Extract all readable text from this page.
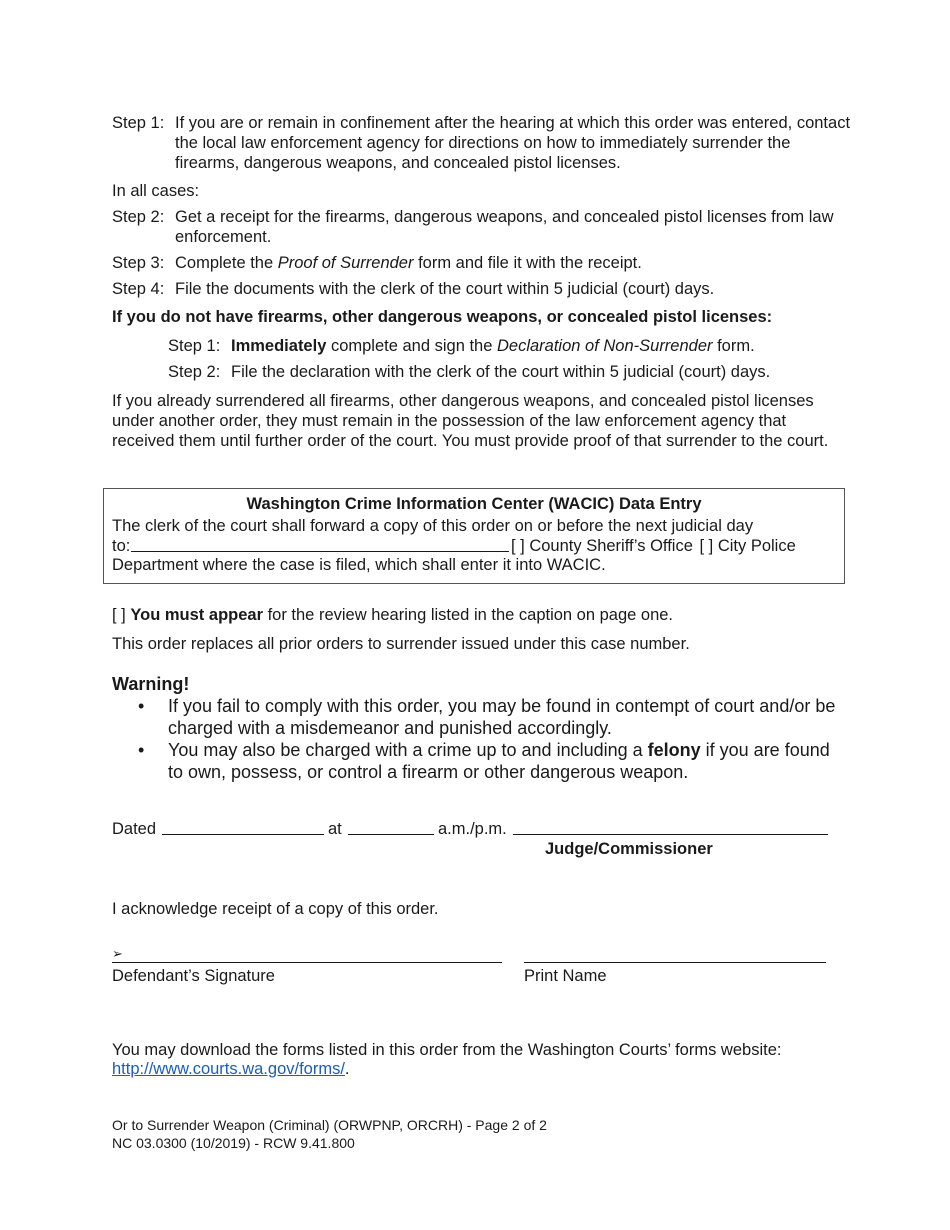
Step 1: If you are or remain in confinement after the hearing at which this order was entered, contact the local law enforcement agency for directions on how to immediately surrender the firearms, dangerous weapons, and concealed pistol licenses.
In all cases:
Step 2: Get a receipt for the firearms, dangerous weapons, and concealed pistol licenses from law enforcement.
Step 3: Complete the Proof of Surrender form and file it with the receipt.
Step 4: File the documents with the clerk of the court within 5 judicial (court) days.
If you do not have firearms, other dangerous weapons, or concealed pistol licenses:
Step 1: Immediately complete and sign the Declaration of Non-Surrender form.
Step 2: File the declaration with the clerk of the court within 5 judicial (court) days.
If you already surrendered all firearms, other dangerous weapons, and concealed pistol licenses under another order, they must remain in the possession of the law enforcement agency that received them until further order of the court. You must provide proof of that surrender to the court.
Washington Crime Information Center (WACIC) Data Entry
The clerk of the court shall forward a copy of this order on or before the next judicial day
to:	[ ] County Sheriff’s Office [ ] City Police
Department where the case is filed, which shall enter it into WACIC.
[ ] You must appear for the review hearing listed in the caption on page one.
This order replaces all prior orders to surrender issued under this case number.
Warning!
• If you fail to comply with this order, you may be found in contempt of court and/or be charged with a misdemeanor and punished accordingly.
• You may also be charged with a crime up to and including a felony if you are found to own, possess, or control a firearm or other dangerous weapon.
Dated	at	a.m./p.m.
Judge/Commissioner
I acknowledge receipt of a copy of this order.
➢
Defendant’s Signature	Print Name
You may download the forms listed in this order from the Washington Courts’ forms website:
http://www.courts.wa.gov/forms/.
Or to Surrender Weapon (Criminal) (ORWPNP, ORCRH) - Page 2 of 2
NC 03.0300 (10/2019) - RCW 9.41.800
